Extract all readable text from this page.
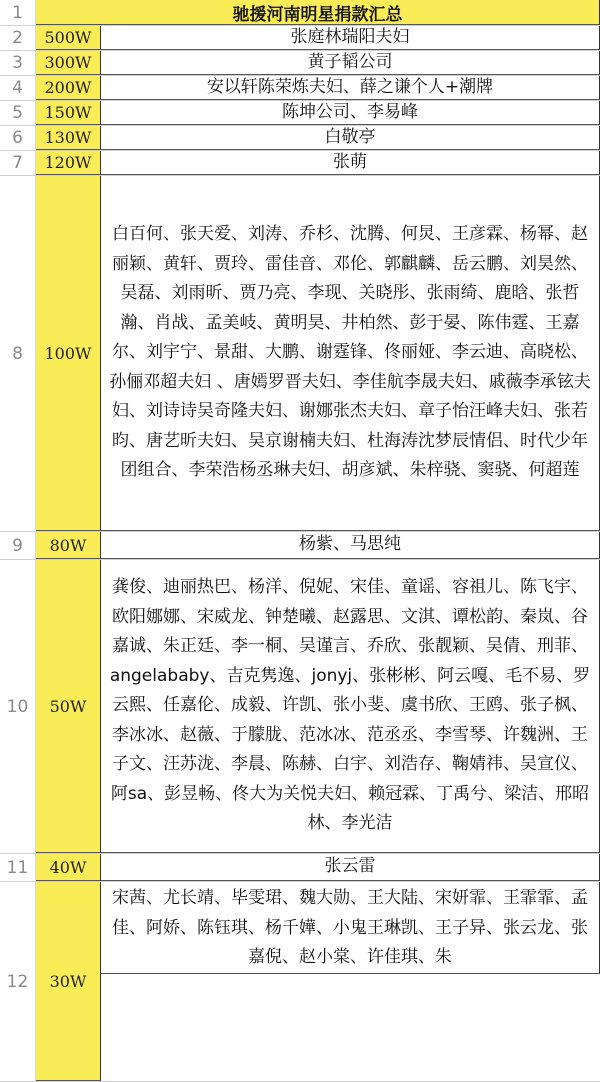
1	驰援河南明星捐款汇总
2	500W	张庭林瑞阳夫妇
3	300W	黄子韬公司
4	200W	安以轩陈荣炼夫妇、薛之谦个人+潮牌
5	150W	陈坤公司、李易峰
6	130W	白敬亭
7	120W	张萌
8	100W
白百何、张天爱、刘涛、乔杉、沈腾、何炅、王彦霖、杨幂、赵丽颖、黄轩、贾玲、雷佳音、邓伦、郭麒麟、岳云鹏、刘昊然、吴磊、刘雨昕、贾乃亮、李现、关晓彤、张雨绮、鹿晗、张哲瀚、肖战、孟美岐、黄明昊、井柏然、彭于晏、陈伟霆、王嘉尔、刘宇宁、景甜、大鹏、谢霆锋、佟丽娅、李云迪、高晓松、孙俪邓超夫妇 、唐嫣罗晋夫妇、李佳航李晟夫妇、戚薇李承铉夫妇、刘诗诗吴奇隆夫妇、谢娜张杰夫妇、章子怡汪峰夫妇、张若昀、唐艺昕夫妇、吴京谢楠夫妇、杜海涛沈梦辰情侣、时代少年团组合、李荣浩杨丞琳夫妇、胡彦斌、朱梓骁、窦骁、何超莲
9	80W	杨紫、马思纯
10	50W
龚俊、迪丽热巴、杨洋、倪妮、宋佳、童谣、容祖儿、陈飞宇、欧阳娜娜、宋威龙、钟楚曦、赵露思、文淇、谭松韵、秦岚、谷嘉诚、朱正廷、李一桐、吴谨言、乔欣、张靓颖、吴倩、刑菲、angelababy、吉克隽逸、jonyj、张彬彬、阿云嘎、毛不易、罗云熙、任嘉伦、成毅、许凯、张小斐、虞书欣、王鸥、张子枫、李冰冰、赵薇、于朦胧、范冰冰、范丞丞、李雪琴、许魏洲、王子文、汪苏泷、李晨、陈赫、白宇、刘浩存、鞠婧祎、吴宣仪、阿sa、彭昱畅、佟大为关悦夫妇、赖冠霖、丁禹兮、梁洁、邢昭林、李光洁
11	40W	张云雷
12	30W
宋茜、尤长靖、毕雯珺、魏大勋、王大陆、宋妍霏、王霏霏、孟佳、阿娇、陈钰琪、杨千嬅、小鬼王琳凯、王子异、张云龙、张嘉倪、赵小棠、许佳琪、朱
